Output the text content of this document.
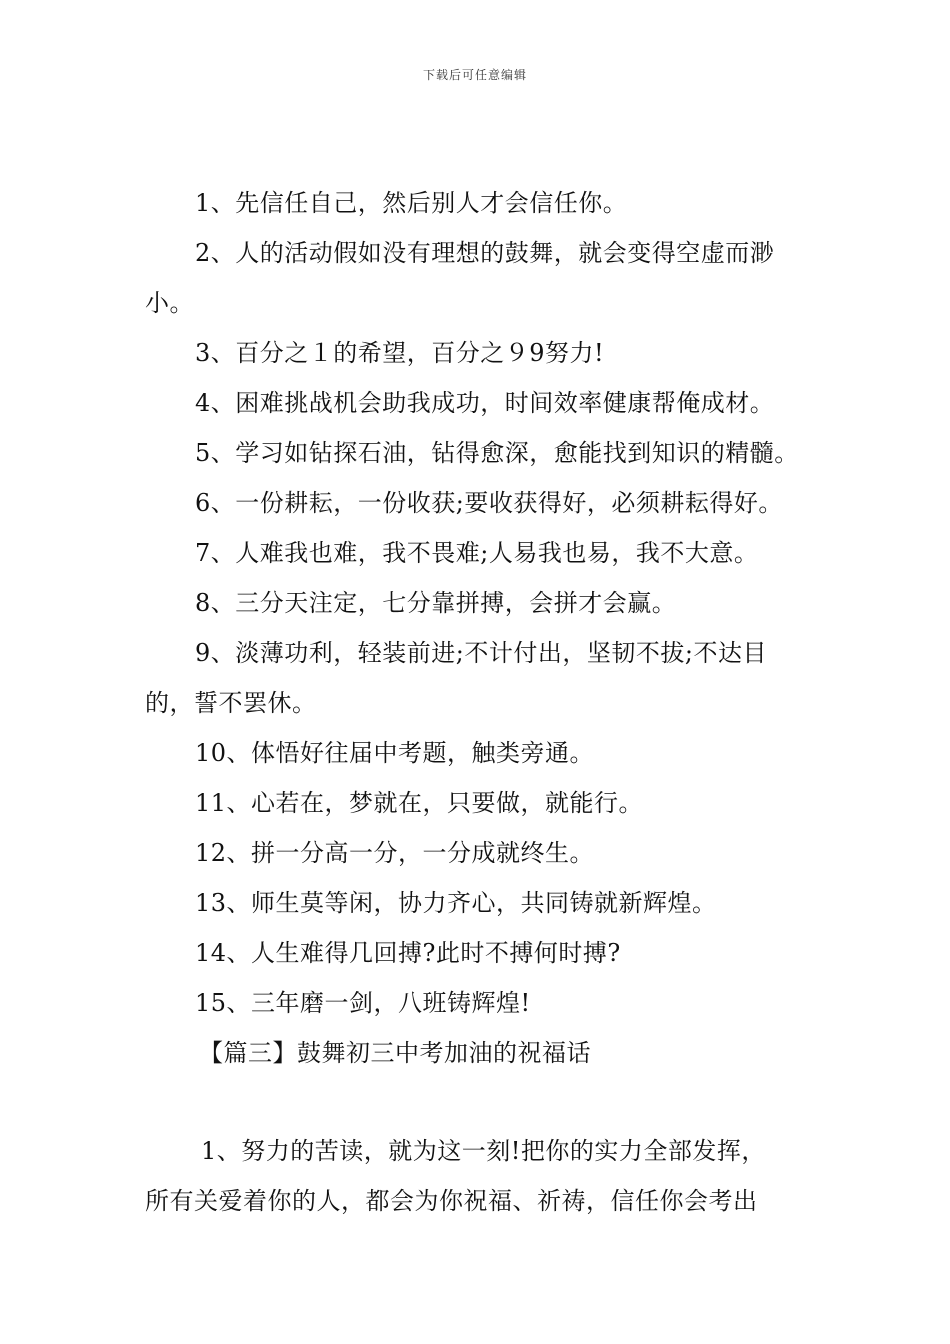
下载后可任意编辑
1、先信任自己，然后别人才会信任你。
2、人的活动假如没有理想的鼓舞，就会变得空虚而渺
小。
3、百分之１的希望，百分之９9努力!
4、困难挑战机会助我成功，时间效率健康帮俺成材。
5、学习如钻探石油，钻得愈深，愈能找到知识的精髓。
6、一份耕耘，一份收获;要收获得好，必须耕耘得好。
7、人难我也难，我不畏难;人易我也易，我不大意。
8、三分天注定，七分靠拼搏，会拼才会赢。
9、淡薄功利，轻装前进;不计付出，坚韧不拔;不达目
的，誓不罢休。
10、体悟好往届中考题，触类旁通。
11、心若在，梦就在，只要做，就能行。
12、拼一分高一分，一分成就终生。
13、师生莫等闲，协力齐心，共同铸就新辉煌。
14、人生难得几回搏?此时不搏何时搏?
15、三年磨一剑，八班铸辉煌!
【篇三】鼓舞初三中考加油的祝福话
1、努力的苦读，就为这一刻!把你的实力全部发挥，
所有关爱着你的人，都会为你祝福、祈祷，信任你会考出
